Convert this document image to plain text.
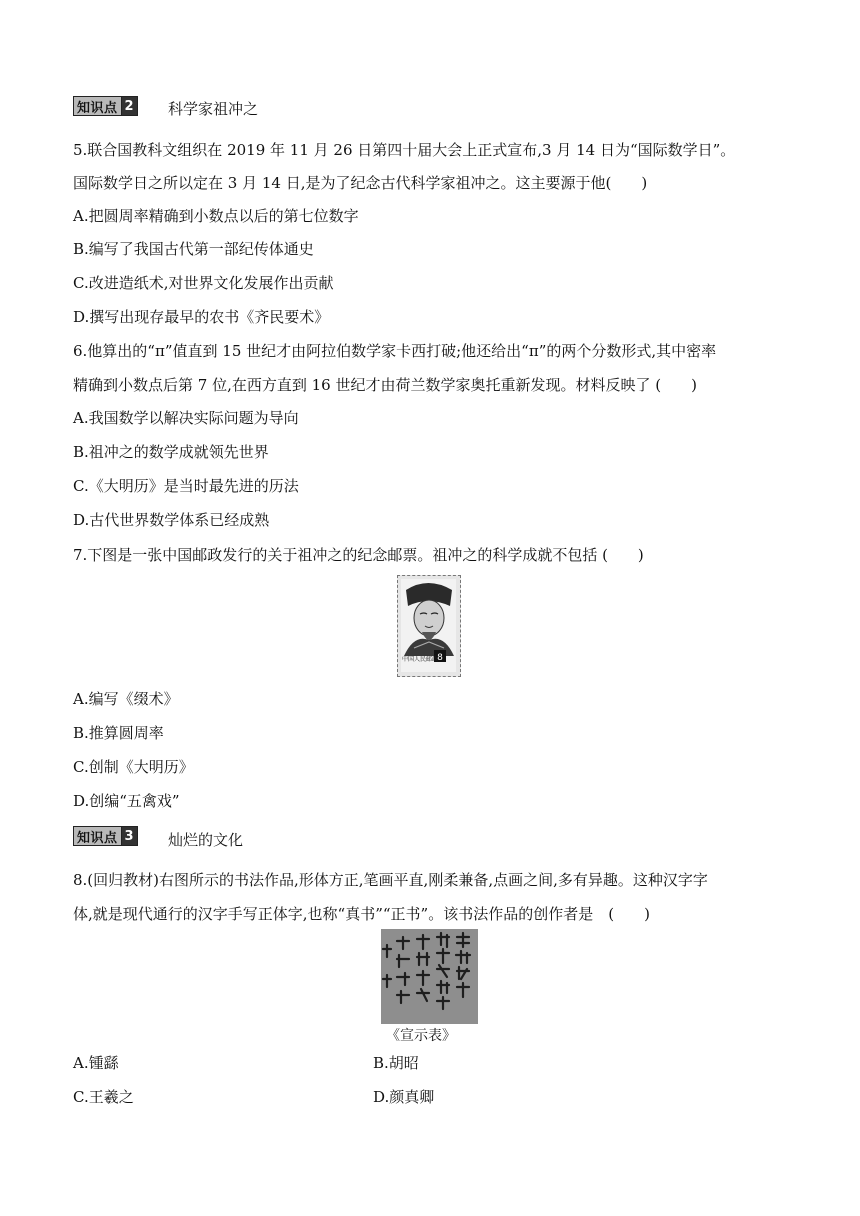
知识点 2 科学家祖冲之
5.联合国教科文组织在 2019 年 11 月 26 日第四十届大会上正式宣布,3 月 14 日为“国际数学日”。
国际数学日之所以定在 3 月 14 日,是为了纪念古代科学家祖冲之。这主要源于他(　　)
A.把圆周率精确到小数点以后的第七位数字
B.编写了我国古代第一部纪传体通史
C.改进造纸术,对世界文化发展作出贡献
D.撰写出现存最早的农书《齐民要术》
6.他算出的“π”值直到 15 世纪才由阿拉伯数学家卡西打破;他还给出“π”的两个分数形式,其中密率
精确到小数点后第 7 位,在西方直到 16 世纪才由荷兰数学家奥托重新发现。材料反映了 (　　)
A.我国数学以解决实际问题为导向
B.祖冲之的数学成就领先世界
C.《大明历》是当时最先进的历法
D.古代世界数学体系已经成熟
7.下图是一张中国邮政发行的关于祖冲之的纪念邮票。祖冲之的科学成就不包括 (　　)
8
中国人民邮政
A.编写《缀术》
B.推算圆周率
C.创制《大明历》
D.创编“五禽戏”
知识点 3 灿烂的文化
8.(回归教材)右图所示的书法作品,形体方正,笔画平直,刚柔兼备,点画之间,多有异趣。这种汉字字
体,就是现代通行的汉字手写正体字,也称“真书”“正书”。该书法作品的创作者是　(　　)
《宣示表》
A.锺繇	B.胡昭
C.王羲之	D.颜真卿
